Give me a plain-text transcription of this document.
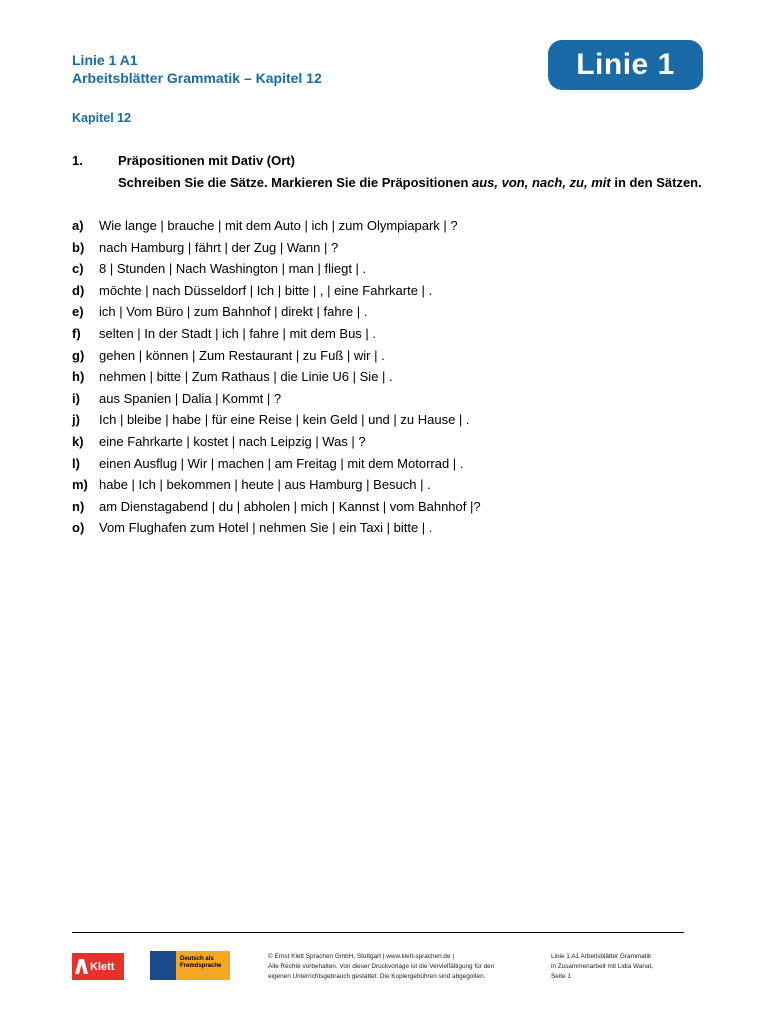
Linie 1 A1
Arbeitsblätter Grammatik – Kapitel 12	Linie 1
Kapitel 12
1.	Präpositionen mit Dativ (Ort)
Schreiben Sie die Sätze. Markieren Sie die Präpositionen aus, von, nach, zu, mit in den Sätzen.
a) Wie lange | brauche | mit dem Auto | ich | zum Olympiapark | ?
b) nach Hamburg | fährt | der Zug | Wann | ?
c) 8 | Stunden | Nach Washington | man | fliegt | .
d) möchte | nach Düsseldorf | Ich | bitte | , | eine Fahrkarte | .
e) ich | Vom Büro | zum Bahnhof | direkt | fahre | .
f) selten | In der Stadt | ich | fahre | mit dem Bus | .
g) gehen | können | Zum Restaurant | zu Fuß | wir | .
h) nehmen | bitte | Zum Rathaus | die Linie U6 | Sie | .
i) aus Spanien | Dalia | Kommt | ?
j) Ich | bleibe | habe | für eine Reise | kein Geld | und | zu Hause | .
k) eine Fahrkarte | kostet | nach Leipzig | Was | ?
l) einen Ausflug | Wir | machen | am Freitag | mit dem Motorrad | .
m) habe | Ich | bekommen | heute | aus Hamburg | Besuch | .
n) am Dienstagabend | du | abholen | mich | Kannst | vom Bahnhof |?
o) Vom Flughafen zum Hotel | nehmen Sie | ein Taxi | bitte | .
Klett
Deutsch als
Fremdsprache
© Ernst Klett Sprachen GmbH, Stuttgart | www.klett-sprachen.de |
Alle Rechte vorbehalten. Von dieser Druckvorlage ist die Vervielfältigung für den
eigenen Unterrichtsgebrauch gestattet. Die Kopiergebühren sind abgegolten.
Linie 1 A1 Arbeitsblätter Grammatik
in Zusammenarbeit mit Lidia Wanat,
Seite 1
